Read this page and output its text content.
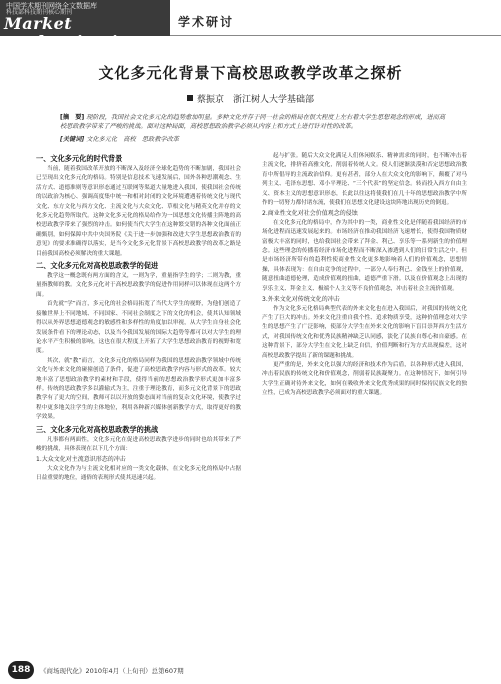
中国学术期刊网络全文数据库
科技部科技期刊核心期刊
Market modernization
学术研讨
文化多元化背景下高校思政教学改革之探析
蔡振京　浙江树人大学基础部
[摘　要] 现阶段，我国社会文化多元化的趋势愈加明显。多种文化并存于同一社会的格局在很大程度上左右着大学生思想观念的形成，进而高校思政教学带来了严峻的挑战。面对这种局面，高校思想政治教学必须从内容上和方式上进行针对性的改革。
[关键词] 文化多元化　高校　思政教学改革
一、文化多元化的时代背景

当前，随着我国改革开放的不断深入及经济全球化趋势的不断加剧，我国社会已呈现出文化多元化的格局。特别是信息技术飞速发展后，国外各种思潮观念、生活方式、道德准则等意识形态通过互联网等渠道大量地进入我国，使我国社会传统的以政治为核心、强调高度集中统一和相对封闭的文化环境遭遇着传统文化与现代文化、东方文化与西方文化、主流文化与大众文化、草根文化与精英文化并存的文化多元化趋势所取代。这种文化多元化的格局给作为一国思想文化传播主阵地的高校思政教学带来了强烈的冲击。如何使当代大学生在这种繁交错的各种文化面前正确甄别，如何保障中共中央国务院《关于进一步加强和改进大学生思想政治教育的意见》的要求准确得以落实，是当今文化多元化背景下高校思政教学的改革之路是目前我国高校必须解决的重大课题。

二、文化多元化对高校思政教学的促进

教学这一概念既有两方面的含义，一则为学，重量指学生的学；二则为教，重量指教师的教。文化多元化对于高校思政教学的促进作用同样可以体现在这两个方面。

首先就“学”而言，多元化的社会格局拓宽了当代大学生的视野，为他们创造了接触世界上不同地域、不同国家、不同社会制度之下的文化的机会，使其认知领域得以从外界思想道德观念的敏感性和多样性的角度加以审视，从大学生自身社会化发展条件看下的理论动态，以及当今我国发展的国际大趋势等都可以对大学生的理论水平产生积极的影响，这也在很大程度上开拓了大学生思想政治教育的视野和宽度。

其次，就“教”而言，文化多元化的格局同样为我国的思想政治教学领域中传统文化与外来文化的碰撞创造了条件，促进了高校思政教学内容与形式的改革。较大地丰富了思想政治教学的素材和手段，使得当前的思想政治教学形式更加丰富多样。传统的思政教学多以灌输式为主，注重于理论教育，而多元文化背景下的思政教学有了更大的空间，教师可以以开放的姿态面对当前的复杂文化环境，使教学过程中更多地关注学生的主体地位，利用各种新兴媒体创新教学方式，取得更好的教学效果。

三、文化多元化对高校思政教学的挑战

凡事都有两面性，文化多元化在促进高校思政教学进步的同时也给其带来了严峻的挑战，具体表现在以下几个方面：

1.大众文化对主流意识形态的冲击

大众文化作为与主流文化相对应的一类文化载体，在文化多元化的格局中占据日益重要的地位，通俗的表现形式使其迅速兴起。

起与扩张。随后大众文化满足人们休闲娱乐、精神需求的同时，也不断冲击着主流文化，排挤着高雅文化，削弱着传统人文。使人们逐渐淡漠和否定思想政治教育中所倡导的主流政治信仰。更有甚者，部分人在大众文化的影响下，颠覆了对马列主义、毛泽东思想、邓小平理论、“三个代表”的坚定信念。转而投入西方自由主义、资本主义的思想意识形态，长此以往这将使我们在几十年的思想政治教学中所作的一切努力都付诸东流，使我们在思想文化建设这块阵地出现历史的倒退。

2.商业性文化对社会价值观念的侵蚀

在文化多元化的格局中，作为其中的一类，商业性文化是伴随着我国经济的市场化进程而迅速发展起来的。市场经济在推动我国经济飞速增长，使得我国物质财富极大丰富的同时，也给我国社会带来了拜金、利己、享乐等一系列新生的价值理念。这些理念的传播着经济市场化进程而不断深入渗透到人们的日常生活之中。但是市场经济所带有的趋利性使商业性文化更多地影响着人们的价值观念，思想情操，具体表现为：在自由竞争的过程中，一部分人奉行利己、金钱至上的价值观，随意扭曲道德伦理，造成价值观的扭曲，道德严重下滑。以及在价值观念上出现的享乐主义、拜金主义、极端个人主义等不良价值观念，冲击着社会主流价值观。

3.外来文化对传统文化的冲击

作为文化多元化格局典型代表的外来文化也在进入我国后，对我国的传统文化产生了巨大的冲击。外来文化注重自我个性、追求物质享受，这种价值理念对大学生的思想产生了广泛影响，使部分大学生在外来文化的影响下盲目崇拜西方生活方式，对我国传统文化和优秀民族精神缺乏认同感，淡化了民族自尊心和自豪感。在这种背景下，部分大学生在文化上缺乏自信，价值判断和行为方式出现偏差，这对高校思政教学提出了新的课题和挑战。

更严重的是，外来文化以强大的经济和技术作为后盾，以各种形式进入我国，冲击着民族的传统文化和价值观念，削弱着民族凝聚力。在这种情况下，如何引导大学生正确对待外来文化，如何在吸收外来文化优秀成果的同时保持民族文化的独立性，已成为高校思政教学必须面对的重大课题。

188	《商场现代化》2010年4月（上旬刊）总第607期
